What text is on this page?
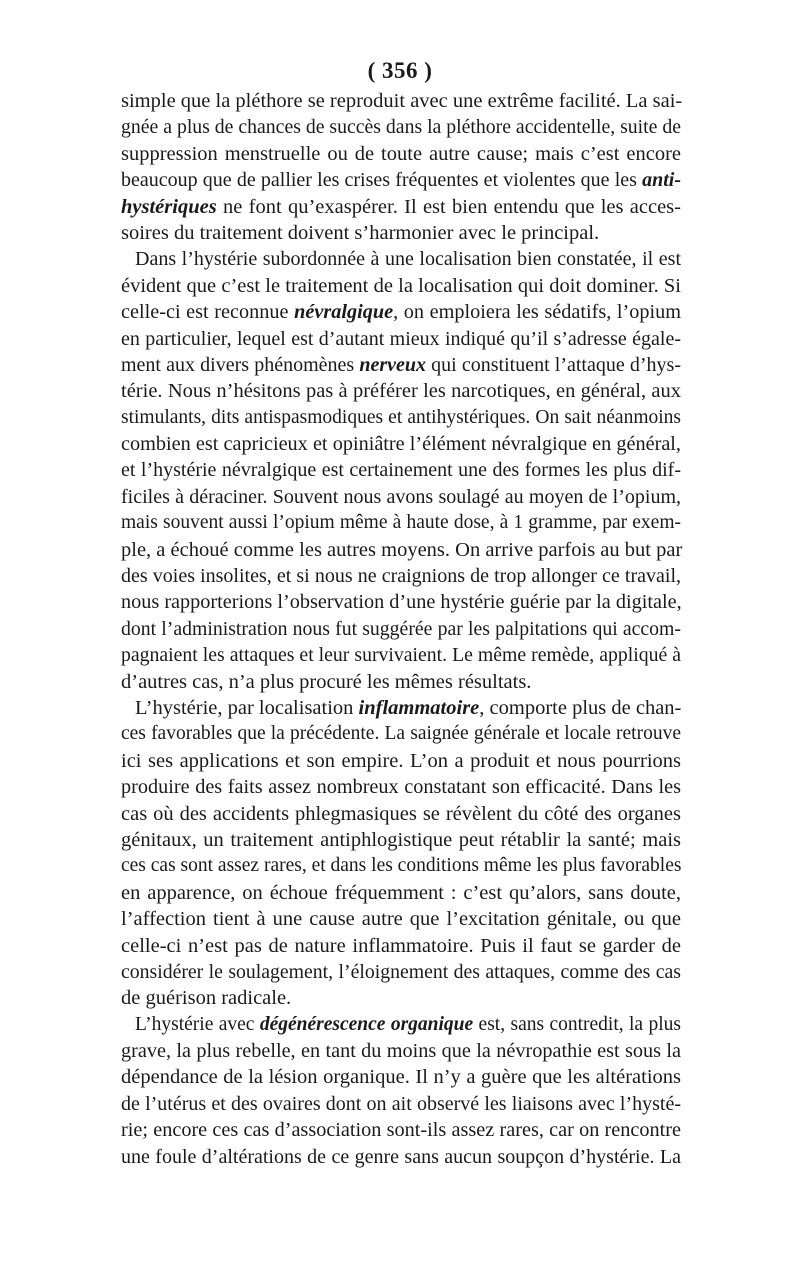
( 356 )
simple que la pléthore se reproduit avec une extrême facilité. La sai-
gnée a plus de chances de succès dans la pléthore accidentelle, suite de
suppression menstruelle ou de toute autre cause; mais c’est encore
beaucoup que de pallier les crises fréquentes et violentes que les anti-
hystériques ne font qu’exaspérer. Il est bien entendu que les acces-
soires du traitement doivent s’harmonier avec le principal.
Dans l’hystérie subordonnée à une localisation bien constatée, il est
évident que c’est le traitement de la localisation qui doit dominer. Si
celle-ci est reconnue névralgique, on emploiera les sédatifs, l’opium
en particulier, lequel est d’autant mieux indiqué qu’il s’adresse égale-
ment aux divers phénomènes nerveux qui constituent l’attaque d’hys-
térie. Nous n’hésitons pas à préférer les narcotiques, en général, aux
stimulants, dits antispasmodiques et antihystériques. On sait néanmoins
combien est capricieux et opiniâtre l’élément névralgique en général,
et l’hystérie névralgique est certainement une des formes les plus dif-
ficiles à déraciner. Souvent nous avons soulagé au moyen de l’opium,
mais souvent aussi l’opium même à haute dose, à 1 gramme, par exem-
ple, a échoué comme les autres moyens. On arrive parfois au but par
des voies insolites, et si nous ne craignions de trop allonger ce travail,
nous rapporterions l’observation d’une hystérie guérie par la digitale,
dont l’administration nous fut suggérée par les palpitations qui accom-
pagnaient les attaques et leur survivaient. Le même remède, appliqué à
d’autres cas, n’a plus procuré les mêmes résultats.
L’hystérie, par localisation inflammatoire, comporte plus de chan-
ces favorables que la précédente. La saignée générale et locale retrouve
ici ses applications et son empire. L’on a produit et nous pourrions
produire des faits assez nombreux constatant son efficacité. Dans les
cas où des accidents phlegmasiques se révèlent du côté des organes
génitaux, un traitement antiphlogistique peut rétablir la santé; mais
ces cas sont assez rares, et dans les conditions même les plus favorables
en apparence, on échoue fréquemment : c’est qu’alors, sans doute,
l’affection tient à une cause autre que l’excitation génitale, ou que
celle-ci n’est pas de nature inflammatoire. Puis il faut se garder de
considérer le soulagement, l’éloignement des attaques, comme des cas
de guérison radicale.
L’hystérie avec dégénérescence organique est, sans contredit, la plus
grave, la plus rebelle, en tant du moins que la névropathie est sous la
dépendance de la lésion organique. Il n’y a guère que les altérations
de l’utérus et des ovaires dont on ait observé les liaisons avec l’hysté-
rie; encore ces cas d’association sont-ils assez rares, car on rencontre
une foule d’altérations de ce genre sans aucun soupçon d’hystérie. La
